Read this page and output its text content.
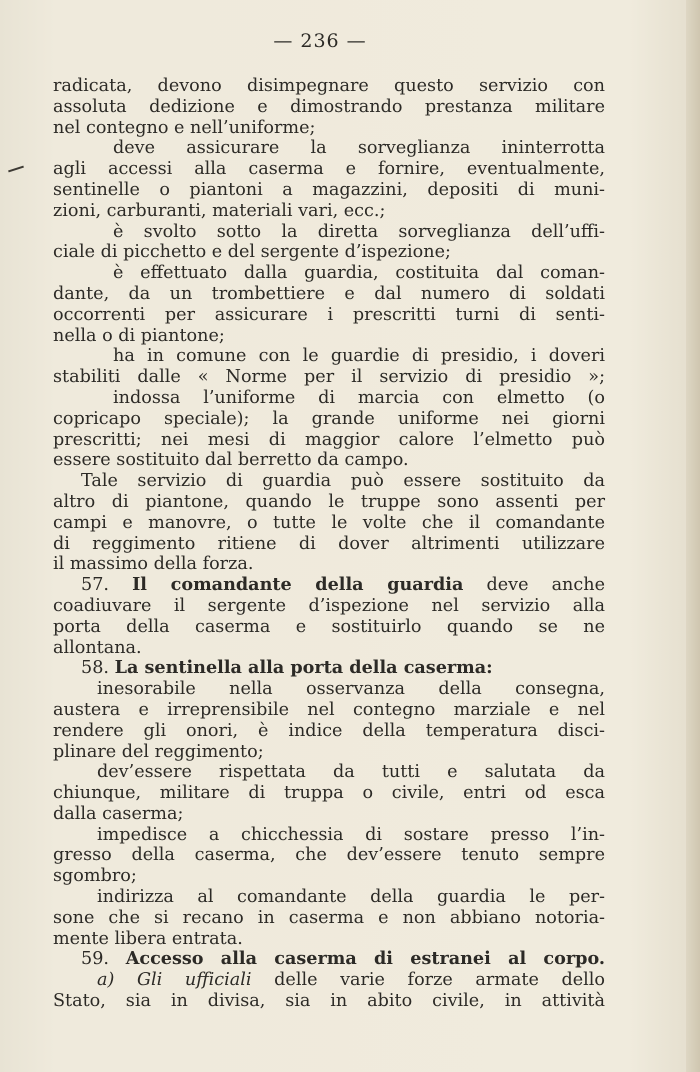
— 236 —
radicata, devono disimpegnare questo servizio con
assoluta dedizione e dimostrando prestanza militare
nel contegno e nell’uniforme;
deve assicurare la sorveglianza ininterrotta
agli accessi alla caserma e fornire, eventualmente,
sentinelle o piantoni a magazzini, depositi di muni-
zioni, carburanti, materiali vari, ecc.;
è svolto sotto la diretta sorveglianza dell’uffi-
ciale di picchetto e del sergente d’ispezione;
è effettuato dalla guardia, costituita dal coman-
dante, da un trombettiere e dal numero di soldati
occorrenti per assicurare i prescritti turni di senti-
nella o di piantone;
ha in comune con le guardie di presidio, i doveri
stabiliti dalle « Norme per il servizio di presidio »;
indossa l’uniforme di marcia con elmetto (o
copricapo speciale); la grande uniforme nei giorni
prescritti; nei mesi di maggior calore l’elmetto può
essere sostituito dal berretto da campo.
Tale servizio di guardia può essere sostituito da
altro di piantone, quando le truppe sono assenti per
campi e manovre, o tutte le volte che il comandante
di reggimento ritiene di dover altrimenti utilizzare
il massimo della forza.
57. Il comandante della guardia deve anche
coadiuvare il sergente d’ispezione nel servizio alla
porta della caserma e sostituirlo quando se ne
allontana.
58. La sentinella alla porta della caserma:
inesorabile nella osservanza della consegna,
austera e irreprensibile nel contegno marziale e nel
rendere gli onori, è indice della temperatura disci-
plinare del reggimento;
dev’essere rispettata da tutti e salutata da
chiunque, militare di truppa o civile, entri od esca
dalla caserma;
impedisce a chicchessia di sostare presso l’in-
gresso della caserma, che dev’essere tenuto sempre
sgombro;
indirizza al comandante della guardia le per-
sone che si recano in caserma e non abbiano notoria-
mente libera entrata.
59. Accesso alla caserma di estranei al corpo.
a) Gli ufficiali delle varie forze armate dello
Stato, sia in divisa, sia in abito civile, in attività
